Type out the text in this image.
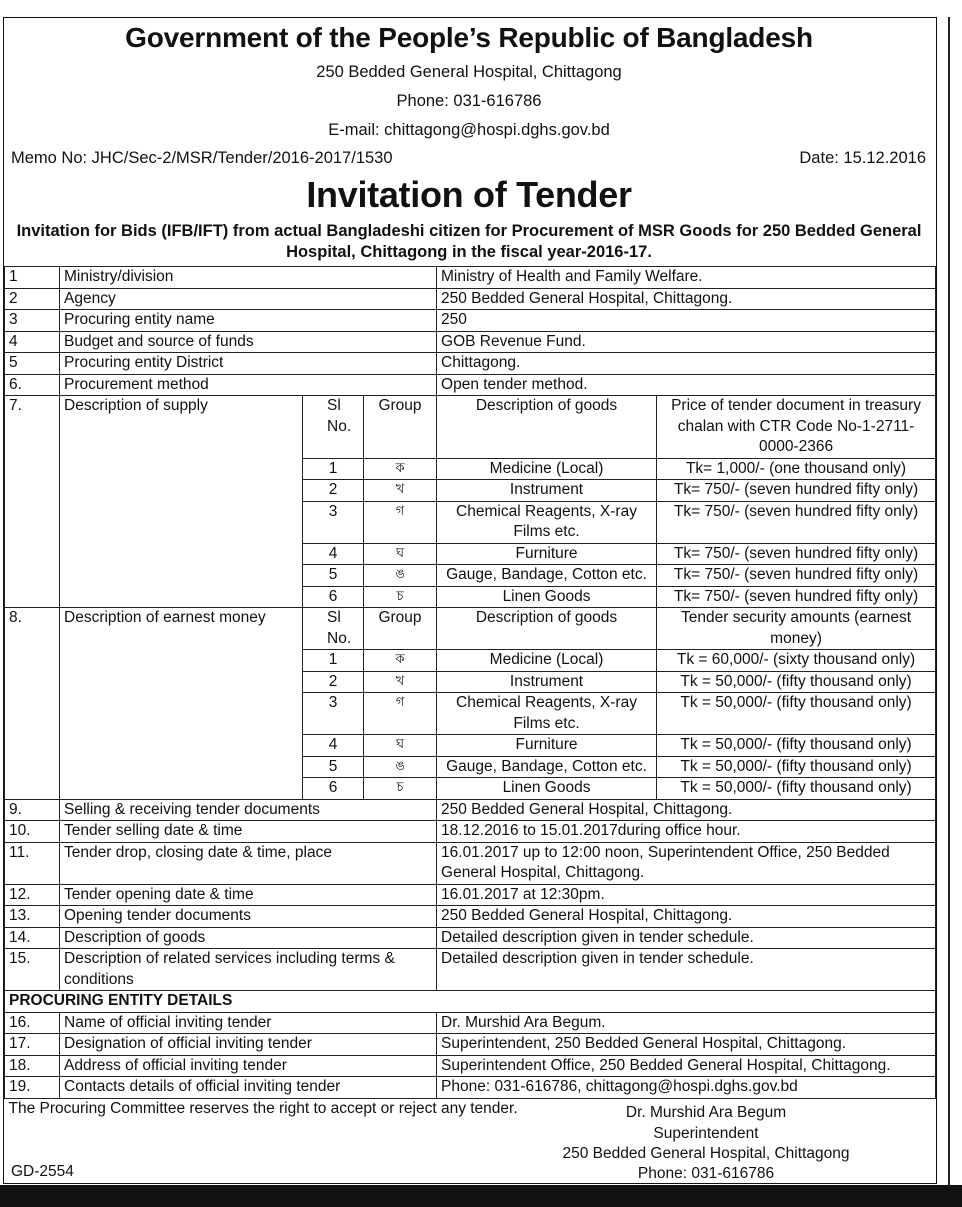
Government of the People’s Republic of Bangladesh
250 Bedded General Hospital, Chittagong
Phone: 031-616786
E-mail: chittagong@hospi.dghs.gov.bd
Memo No: JHC/Sec-2/MSR/Tender/2016-2017/1530	Date: 15.12.2016
Invitation of Tender
Invitation for Bids (IFB/IFT) from actual Bangladeshi citizen for Procurement of MSR Goods for 250 Bedded General
Hospital, Chittagong in the fiscal year-2016-17.
1	Ministry/division			Ministry of Health and Family Welfare.	
2	Agency			250 Bedded General Hospital, Chittagong.	
3	Procuring entity name			250	
4	Budget and source of funds			GOB Revenue Fund.	
5	Procuring entity District			Chittagong.	
6.	Procurement method			Open tender method.	
7.	Description of supply	Sl No.	Group	Description of goods	Price of tender document in treasury chalan with CTR Code No-1-2711-0000-2366
		1	ক	Medicine (Local)	Tk= 1,000/- (one thousand only)
		2	খ	Instrument	Tk= 750/- (seven hundred fifty only)
		3	গ	Chemical Reagents, X-ray Films etc.	Tk= 750/- (seven hundred fifty only)
		4	ঘ	Furniture	Tk= 750/- (seven hundred fifty only)
		5	ঙ	Gauge, Bandage, Cotton etc.	Tk= 750/- (seven hundred fifty only)
		6	চ	Linen Goods	Tk= 750/- (seven hundred fifty only)
8.	Description of earnest money	Sl No.	Group	Description of goods	Tender security amounts (earnest money)
		1	ক	Medicine (Local)	Tk = 60,000/- (sixty thousand only)
		2	খ	Instrument	Tk = 50,000/- (fifty thousand only)
		3	গ	Chemical Reagents, X-ray Films etc.	Tk = 50,000/- (fifty thousand only)
		4	ঘ	Furniture	Tk = 50,000/- (fifty thousand only)
		5	ঙ	Gauge, Bandage, Cotton etc.	Tk = 50,000/- (fifty thousand only)
		6	চ	Linen Goods	Tk = 50,000/- (fifty thousand only)
9.	Selling & receiving tender documents			250 Bedded General Hospital, Chittagong.	
10.	Tender selling date & time			18.12.2016 to 15.01.2017during office hour.	
11.	Tender drop, closing date & time, place			16.01.2017 up to 12:00 noon, Superintendent Office, 250 Bedded General Hospital, Chittagong.	
12.	Tender opening date & time			16.01.2017 at 12:30pm.	
13.	Opening tender documents			250 Bedded General Hospital, Chittagong.	
14.	Description of goods			Detailed description given in tender schedule.	
15.	Description of related services including terms & conditions			Detailed description given in tender schedule.	
PROCURING ENTITY DETAILS					
16.	Name of official inviting tender			Dr. Murshid Ara Begum.	
17.	Designation of official inviting tender			Superintendent, 250 Bedded General Hospital, Chittagong.	
18.	Address of official inviting tender			Superintendent Office, 250 Bedded General Hospital, Chittagong.	
19.	Contacts details of official inviting tender			Phone: 031-616786, chittagong@hospi.dghs.gov.bd	
The Procuring Committee reserves the right to accept or reject any tender.						Dr. Murshid Ara Begum
Superintendent
250 Bedded General Hospital, Chittagong
Phone: 031-616786
GD-2554
